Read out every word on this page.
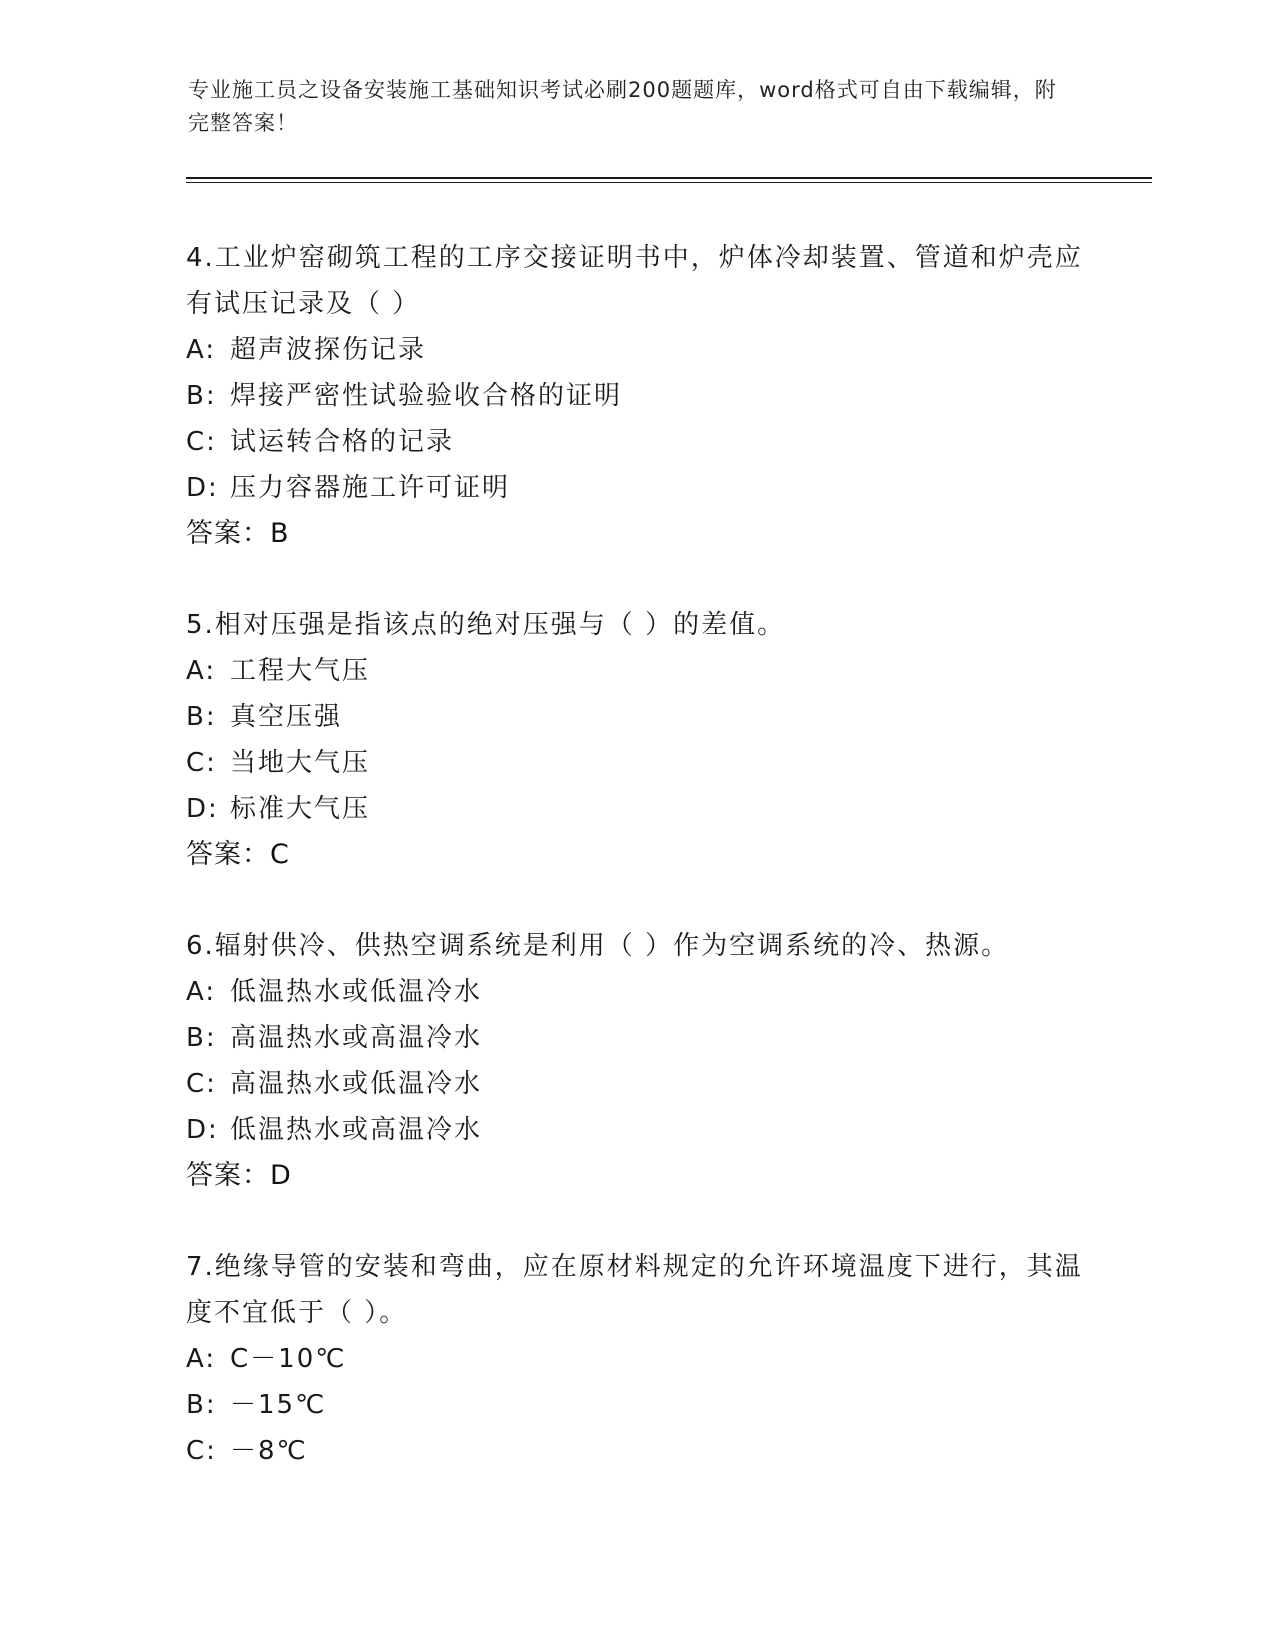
专业施工员之设备安装施工基础知识考试必刷200题题库，word格式可自由下载编辑，附完整答案！

4.工业炉窑砌筑工程的工序交接证明书中，炉体冷却装置、管道和炉壳应有试压记录及（ ）

A: 超声波探伤记录

B: 焊接严密性试验验收合格的证明

C: 试运转合格的记录

D: 压力容器施工许可证明

答案：B

5.相对压强是指该点的绝对压强与（ ）的差值。

A: 工程大气压

B: 真空压强

C: 当地大气压

D: 标准大气压

答案：C

6.辐射供冷、供热空调系统是利用（ ）作为空调系统的冷、热源。

A: 低温热水或低温冷水

B: 高温热水或高温冷水

C: 高温热水或低温冷水

D: 低温热水或高温冷水

答案：D

7.绝缘导管的安装和弯曲，应在原材料规定的允许环境温度下进行，其温度不宜低于（ ）。

A: C－10℃

B: －15℃

C: －8℃
